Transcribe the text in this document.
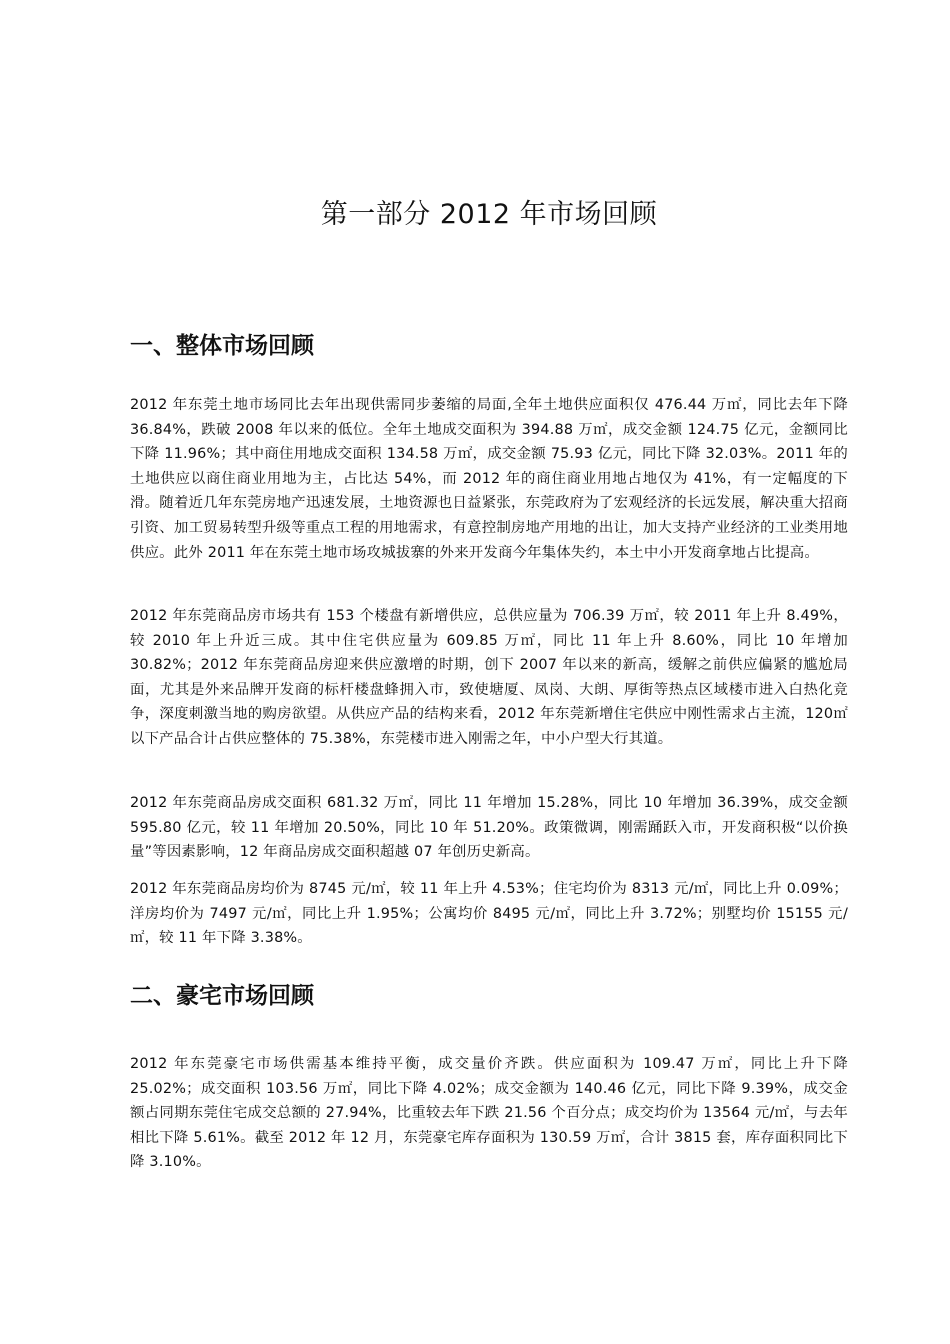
第一部分 2012 年市场回顾
一、整体市场回顾

2012 年东莞土地市场同比去年出现供需同步萎缩的局面,全年土地供应面积仅 476.44 万㎡，同比去年下降 36.84%，跌破 2008 年以来的低位。全年土地成交面积为 394.88 万㎡，成交金额 124.75 亿元，金额同比下降 11.96%；其中商住用地成交面积 134.58 万㎡，成交金额 75.93 亿元，同比下降 32.03%。2011 年的土地供应以商住商业用地为主，占比达 54%，而 2012 年的商住商业用地占地仅为 41%，有一定幅度的下滑。随着近几年东莞房地产迅速发展，土地资源也日益紧张，东莞政府为了宏观经济的长远发展，解决重大招商引资、加工贸易转型升级等重点工程的用地需求，有意控制房地产用地的出让，加大支持产业经济的工业类用地供应。此外 2011 年在东莞土地市场攻城拔寨的外来开发商今年集体失约，本土中小开发商拿地占比提高。

2012 年东莞商品房市场共有 153 个楼盘有新增供应，总供应量为 706.39 万㎡，较 2011 年上升 8.49%，较 2010 年上升近三成。其中住宅供应量为 609.85 万㎡，同比 11 年上升 8.60%，同比 10 年增加 30.82%；2012 年东莞商品房迎来供应激增的时期，创下 2007 年以来的新高，缓解之前供应偏紧的尴尬局面，尤其是外来品牌开发商的标杆楼盘蜂拥入市，致使塘厦、凤岗、大朗、厚街等热点区域楼市进入白热化竞争，深度刺激当地的购房欲望。从供应产品的结构来看，2012 年东莞新增住宅供应中刚性需求占主流，120㎡以下产品合计占供应整体的 75.38%，东莞楼市进入刚需之年，中小户型大行其道。

2012 年东莞商品房成交面积 681.32 万㎡，同比 11 年增加 15.28%，同比 10 年增加 36.39%，成交金额 595.80 亿元，较 11 年增加 20.50%，同比 10 年 51.20%。政策微调，刚需踊跃入市，开发商积极“以价换量”等因素影响，12 年商品房成交面积超越 07 年创历史新高。

2012 年东莞商品房均价为 8745 元/㎡，较 11 年上升 4.53%；住宅均价为 8313 元/㎡，同比上升 0.09%；洋房均价为 7497 元/㎡，同比上升 1.95%；公寓均价 8495 元/㎡，同比上升 3.72%；别墅均价 15155 元/㎡，较 11 年下降 3.38%。

二、豪宅市场回顾

2012 年东莞豪宅市场供需基本维持平衡，成交量价齐跌。供应面积为 109.47 万㎡，同比上升下降 25.02%；成交面积 103.56 万㎡，同比下降 4.02%；成交金额为 140.46 亿元，同比下降 9.39%，成交金额占同期东莞住宅成交总额的 27.94%，比重较去年下跌 21.56 个百分点；成交均价为 13564 元/㎡，与去年相比下降 5.61%。截至 2012 年 12 月，东莞豪宅库存面积为 130.59 万㎡，合计 3815 套，库存面积同比下降 3.10%。
